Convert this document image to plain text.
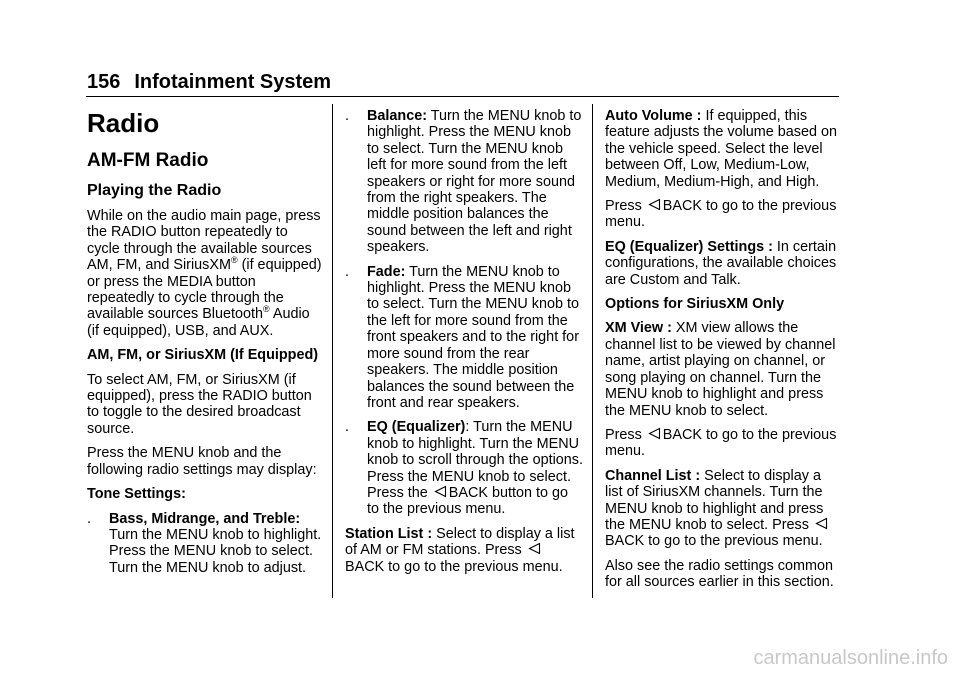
156 Infotainment System
Radio
AM-FM Radio
Playing the Radio

While on the audio main page, press the RADIO button repeatedly to cycle through the available sources AM, FM, and SiriusXM® (if equipped) or press the MEDIA button repeatedly to cycle through the available sources Bluetooth® Audio (if equipped), USB, and AUX.

AM, FM, or SiriusXM (If Equipped)

To select AM, FM, or SiriusXM (if equipped), press the RADIO button to toggle to the desired broadcast source.

Press the MENU knob and the following radio settings may display:

Tone Settings:

. Bass, Midrange, and Treble: Turn the MENU knob to highlight. Press the MENU knob to select. Turn the MENU knob to adjust.
. Balance: Turn the MENU knob to highlight. Press the MENU knob to select. Turn the MENU knob left for more sound from the left speakers or right for more sound from the right speakers. The middle position balances the sound between the left and right speakers.
. Fade: Turn the MENU knob to highlight. Press the MENU knob to select. Turn the MENU knob to the left for more sound from the front speakers and to the right for more sound from the rear speakers. The middle position balances the sound between the front and rear speakers.
. EQ (Equalizer): Turn the MENU knob to highlight. Turn the MENU knob to scroll through the options. Press the MENU knob to select. Press the
BACK button to go to the previous menu.

Station List : Select to display a list of AM or FM stations. Press

BACK to go to the previous menu.

Auto Volume : If equipped, this feature adjusts the volume based on the vehicle speed. Select the level between Off, Low, Medium-Low, Medium, Medium-High, and High.

Press
BACK to go to the previous menu.

EQ (Equalizer) Settings : In certain configurations, the available choices are Custom and Talk.

Options for SiriusXM Only

XM View : XM view allows the channel list to be viewed by channel name, artist playing on channel, or song playing on channel. Turn the MENU knob to highlight and press the MENU knob to select.

Press
BACK to go to the previous menu.

Channel List : Select to display a list of SiriusXM channels. Turn the MENU knob to highlight and press the MENU knob to select. Press

BACK to go to the previous menu.

Also see the radio settings common for all sources earlier in this section.

carmanualsonline.info
